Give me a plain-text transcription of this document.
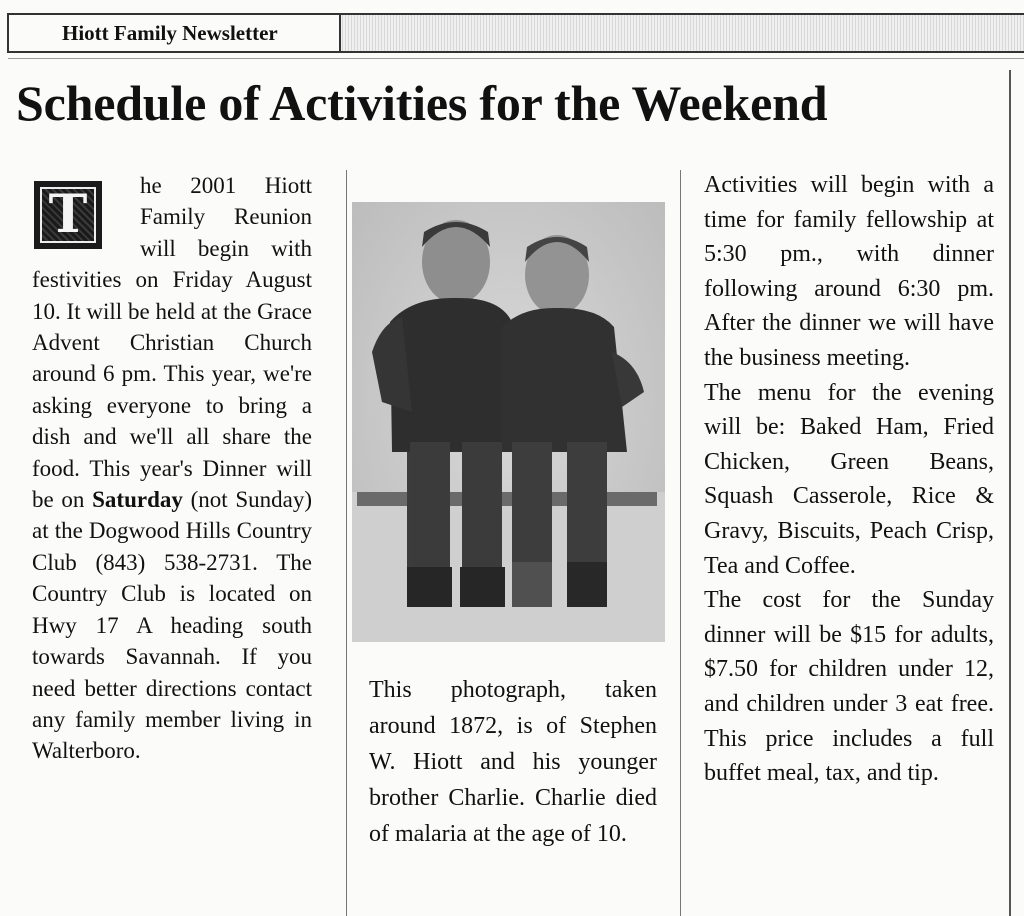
Hiott Family Newsletter
Schedule of Activities for the Weekend
T	he 2001 Hiott Family Reunion will begin with festivities on Friday August 10. It will be held at the Grace Advent Christian Church around 6 pm. This year, we're asking everyone to bring a dish and we'll all share the food. This year's Dinner will be on Saturday (not Sunday) at the Dogwood Hills Country Club (843) 538-2731. The Country Club is located on Hwy 17 A heading south towards Savannah. If you need better directions contact any family member living in Walterboro.

This photograph, taken around 1872, is of Stephen W. Hiott and his younger brother Charlie. Charlie died of malaria at the age of 10.

Activities will begin with a time for family fellowship at 5:30 pm., with dinner following around 6:30 pm. After the dinner we will have the business meeting.

The menu for the evening will be: Baked Ham, Fried Chicken, Green Beans, Squash Casserole, Rice & Gravy, Biscuits, Peach Crisp, Tea and Coffee.

The cost for the Sunday dinner will be $15 for adults, $7.50 for children under 12, and children under 3 eat free. This price includes a full buffet meal, tax, and tip.
